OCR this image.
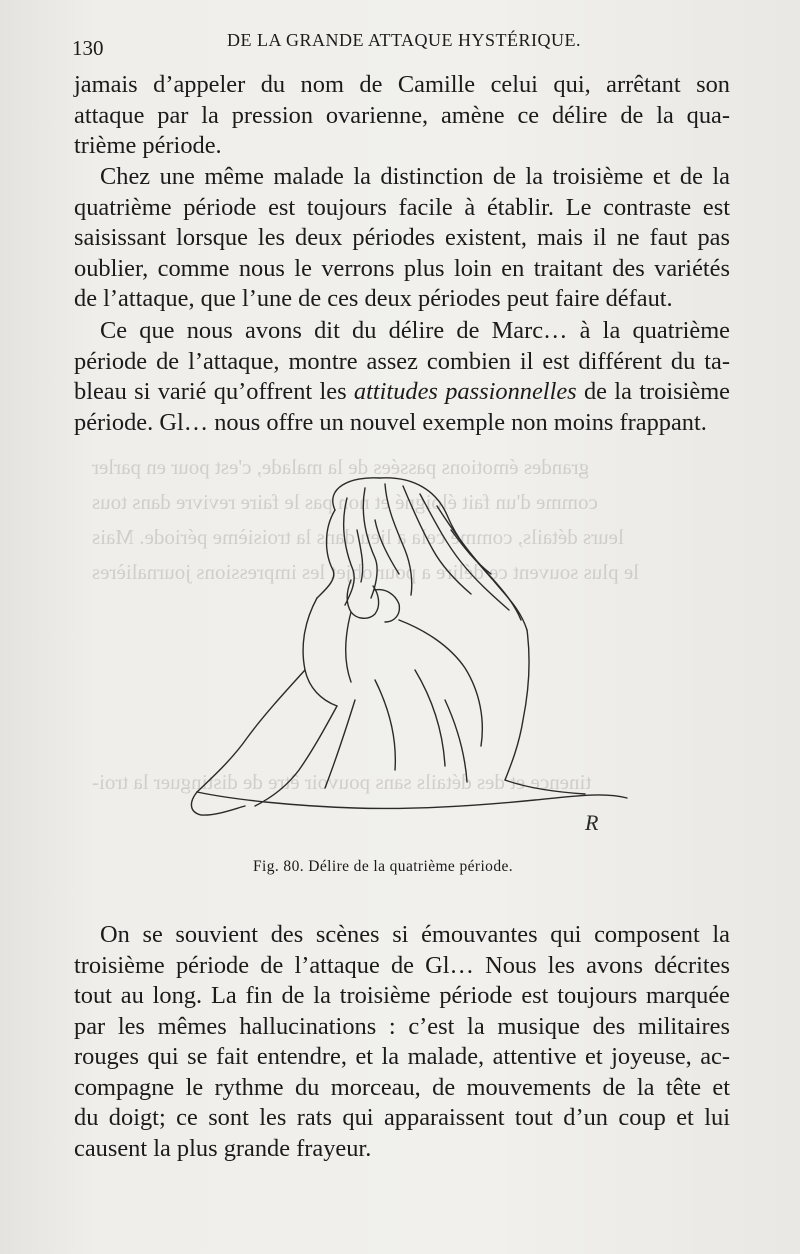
grandes émotions passées de la malade, c'est pour en parler
comme d'un fait éloigné et non pas le faire revivre dans tous
leurs détails, comme cela a lieu dans la troisième période. Mais
le plus souvent ce délire a pour objet les impressions journalières
tinence et des détails sans pouvoir être de distinguer la troi-
130	DE LA GRANDE ATTAQUE HYSTÉRIQUE.
jamais d’appeler du nom de Camille celui qui, arrêtant son
attaque par la pression ovarienne, amène ce délire de la qua-
trième période.
Chez une même malade la distinction de la troisième et de la
quatrième période est toujours facile à établir. Le contraste est
saisissant lorsque les deux périodes existent, mais il ne faut pas
oublier, comme nous le verrons plus loin en traitant des variétés
de l’attaque, que l’une de ces deux périodes peut faire défaut.
Ce que nous avons dit du délire de Marc… à la quatrième
période de l’attaque, montre assez combien il est différent du ta-
bleau si varié qu’offrent les attitudes passionnelles de la troisième
période. Gl… nous offre un nouvel exemple non moins frappant.
R
Fig. 80. Délire de la quatrième période.
On se souvient des scènes si émouvantes qui composent la
troisième période de l’attaque de Gl… Nous les avons décrites
tout au long. La fin de la troisième période est toujours marquée
par les mêmes hallucinations : c’est la musique des militaires
rouges qui se fait entendre, et la malade, attentive et joyeuse, ac-
compagne le rythme du morceau, de mouvements de la tête et
du doigt; ce sont les rats qui apparaissent tout d’un coup et lui
causent la plus grande frayeur.
